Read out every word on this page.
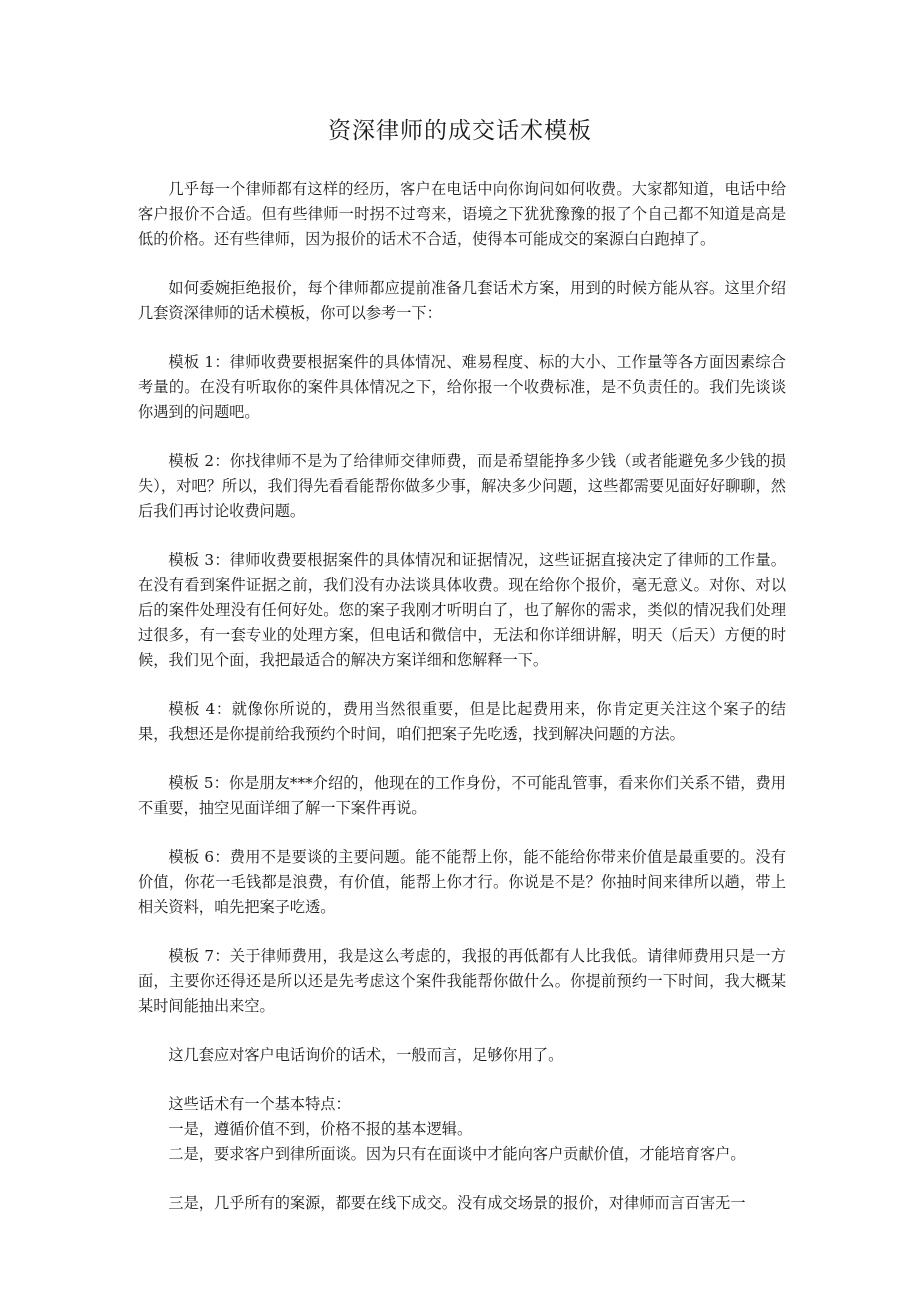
资深律师的成交话术模板

几乎每一个律师都有这样的经历，客户在电话中向你询问如何收费。大家都知道，电话中给客户报价不合适。但有些律师一时拐不过弯来，语境之下犹犹豫豫的报了个自己都不知道是高是低的价格。还有些律师，因为报价的话术不合适，使得本可能成交的案源白白跑掉了。

如何委婉拒绝报价，每个律师都应提前准备几套话术方案，用到的时候方能从容。这里介绍几套资深律师的话术模板，你可以参考一下：

模板 1：律师收费要根据案件的具体情况、难易程度、标的大小、工作量等各方面因素综合考量的。在没有听取你的案件具体情况之下，给你报一个收费标准，是不负责任的。我们先谈谈你遇到的问题吧。

模板 2：你找律师不是为了给律师交律师费，而是希望能挣多少钱（或者能避免多少钱的损失），对吧？所以，我们得先看看能帮你做多少事，解决多少问题，这些都需要见面好好聊聊，然后我们再讨论收费问题。

模板 3：律师收费要根据案件的具体情况和证据情况，这些证据直接决定了律师的工作量。在没有看到案件证据之前，我们没有办法谈具体收费。现在给你个报价，毫无意义。对你、对以后的案件处理没有任何好处。您的案子我刚才听明白了，也了解你的需求，类似的情况我们处理过很多，有一套专业的处理方案，但电话和微信中，无法和你详细讲解，明天（后天）方便的时候，我们见个面，我把最适合的解决方案详细和您解释一下。

模板 4：就像你所说的，费用当然很重要，但是比起费用来，你肯定更关注这个案子的结果，我想还是你提前给我预约个时间，咱们把案子先吃透，找到解决问题的方法。

模板 5：你是朋友***介绍的，他现在的工作身份，不可能乱管事，看来你们关系不错，费用不重要，抽空见面详细了解一下案件再说。

模板 6：费用不是要谈的主要问题。能不能帮上你，能不能给你带来价值是最重要的。没有价值，你花一毛钱都是浪费，有价值，能帮上你才行。你说是不是？你抽时间来律所以趟，带上相关资料，咱先把案子吃透。

模板 7：关于律师费用，我是这么考虑的，我报的再低都有人比我低。请律师费用只是一方面，主要你还得还是所以还是先考虑这个案件我能帮你做什么。你提前预约一下时间，我大概某某时间能抽出来空。

这几套应对客户电话询价的话术，一般而言，足够你用了。

这些话术有一个基本特点：

一是，遵循价值不到，价格不报的基本逻辑。

二是，要求客户到律所面谈。因为只有在面谈中才能向客户贡献价值，才能培育客户。

三是，几乎所有的案源，都要在线下成交。没有成交场景的报价，对律师而言百害无一
